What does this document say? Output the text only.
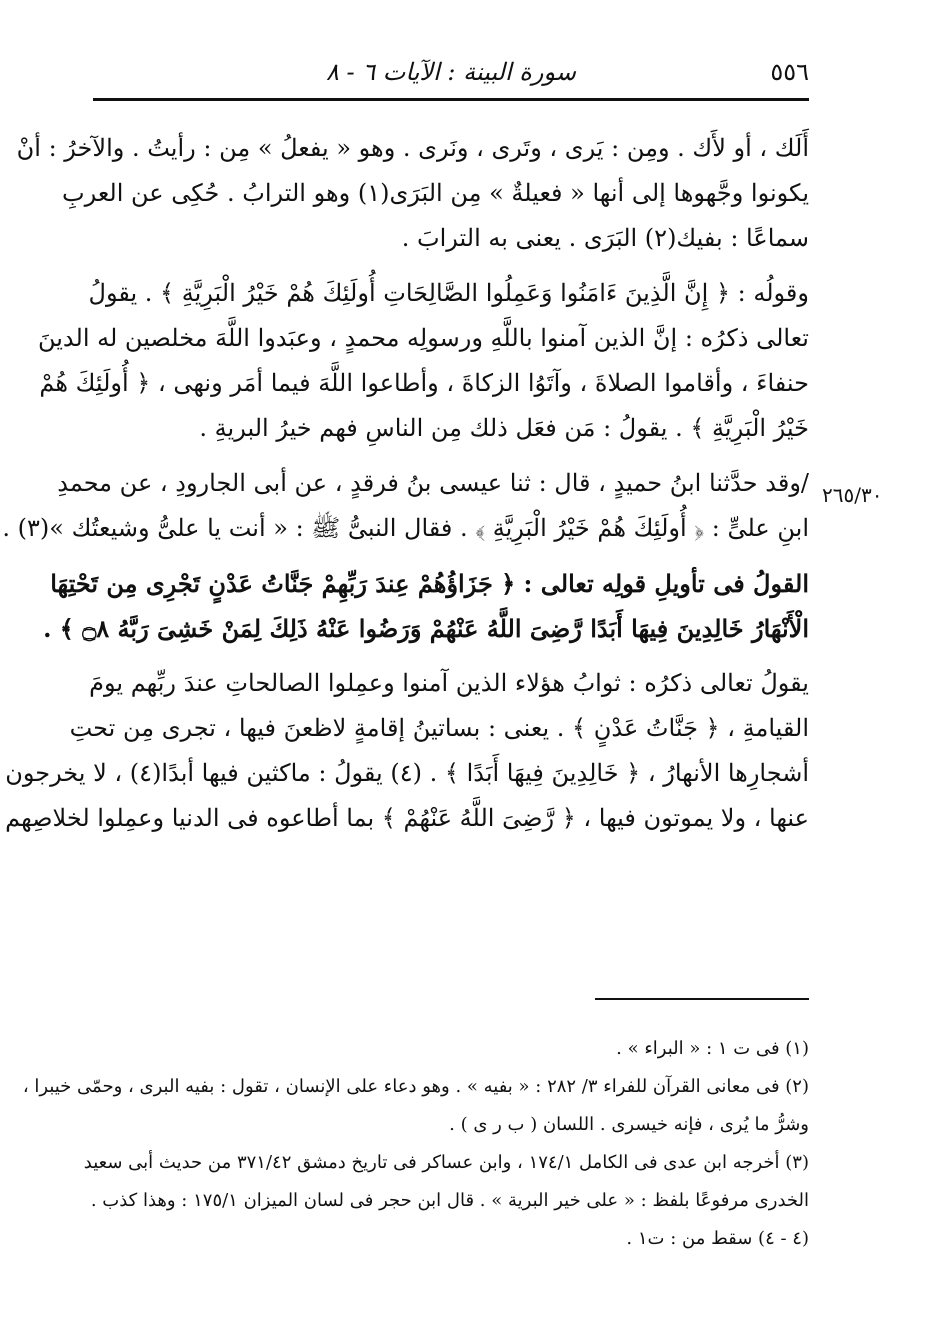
٥٥٦
سورة البينة : الآيات ٦ - ٨

أَلَك ، أو لأَك . ومِن : يَرى ، وتَرى ، ونَرى . وهو « يفعلُ » مِن : رأيتُ . والآخرُ : أنْ
يكونوا وجَّهوها إلى أنها « فعيلةٌ » مِن البَرَى(١) وهو الترابُ . حُكِى عن العربِ
سماعًا : بفيك(٢) البَرَى . يعنى به الترابَ .

وقولُه : ﴿ إِنَّ الَّذِينَ ءَامَنُوا وَعَمِلُوا الصَّالِحَاتِ أُولَئِكَ هُمْ خَيْرُ الْبَرِيَّةِ ﴾ . يقولُ
تعالى ذكرُه : إنَّ الذين آمنوا باللَّهِ ورسولِه محمدٍ ، وعبَدوا اللَّهَ مخلصين له الدينَ
حنفاءَ ، وأقاموا الصلاةَ ، وآتَوُا الزكاةَ ، وأطاعوا اللَّهَ فيما أمَر ونهى ، ﴿ أُولَئِكَ هُمْ
خَيْرُ الْبَرِيَّةِ ﴾ . يقولُ : مَن فعَل ذلك مِن الناسِ فهم خيرُ البريةِ .

/وقد حدَّثنا ابنُ حميدٍ ، قال : ثنا عيسى بنُ فرقدٍ ، عن أبى الجارودِ ، عن محمدِ
ابنِ علىٍّ : ﴿ أُولَئِكَ هُمْ خَيْرُ الْبَرِيَّةِ ﴾ . فقال النبىُّ ﷺ : « أنت يا علىُّ وشيعتُك »(٣) .

القولُ فى تأويلِ قولِه تعالى : ﴿ جَزَاؤُهُمْ عِندَ رَبِّهِمْ جَنَّاتُ عَدْنٍ تَجْرِى مِن تَحْتِهَا
الْأَنْهَارُ خَالِدِينَ فِيهَا أَبَدًا رَّضِىَ اللَّهُ عَنْهُمْ وَرَضُوا عَنْهُ ذَلِكَ لِمَنْ خَشِىَ رَبَّهُ ۝٨ ﴾ .

يقولُ تعالى ذكرُه : ثوابُ هؤلاء الذين آمنوا وعمِلوا الصالحاتِ عندَ ربِّهم يومَ
القيامةِ ، ﴿ جَنَّاتُ عَدْنٍ ﴾ . يعنى : بساتينُ إقامةٍ لاظعنَ فيها ، تجرى مِن تحتِ
أشجارِها الأنهارُ ، ﴿ خَالِدِينَ فِيهَا أَبَدًا ﴾ . (٤) يقولُ : ماكثين فيها أبدًا(٤) ، لا يخرجون
عنها ، ولا يموتون فيها ، ﴿ رَّضِىَ اللَّهُ عَنْهُمْ ﴾ بما أطاعوه فى الدنيا وعمِلوا لخلاصِهم

٢٦٥/٣٠
(١) فى ت ١ : « البراء » .
(٢) فى معانى القرآن للفراء ٣/ ٢٨٢ : « بفيه » . وهو دعاء على الإنسان ، تقول : بفيه البرى ، وحمّى خيبرا ،
وشرُّ ما يُرى ، فإنه خيسرى . اللسان ( ب ر ى ) .
(٣) أخرجه ابن عدى فى الكامل ١٧٤/١ ، وابن عساكر فى تاريخ دمشق ٣٧١/٤٢ من حديث أبى سعيد
الخدرى مرفوعًا بلفظ : « على خير البرية » . قال ابن حجر فى لسان الميزان ١٧٥/١ : وهذا كذب .
(٤ - ٤) سقط من : ت١ .
